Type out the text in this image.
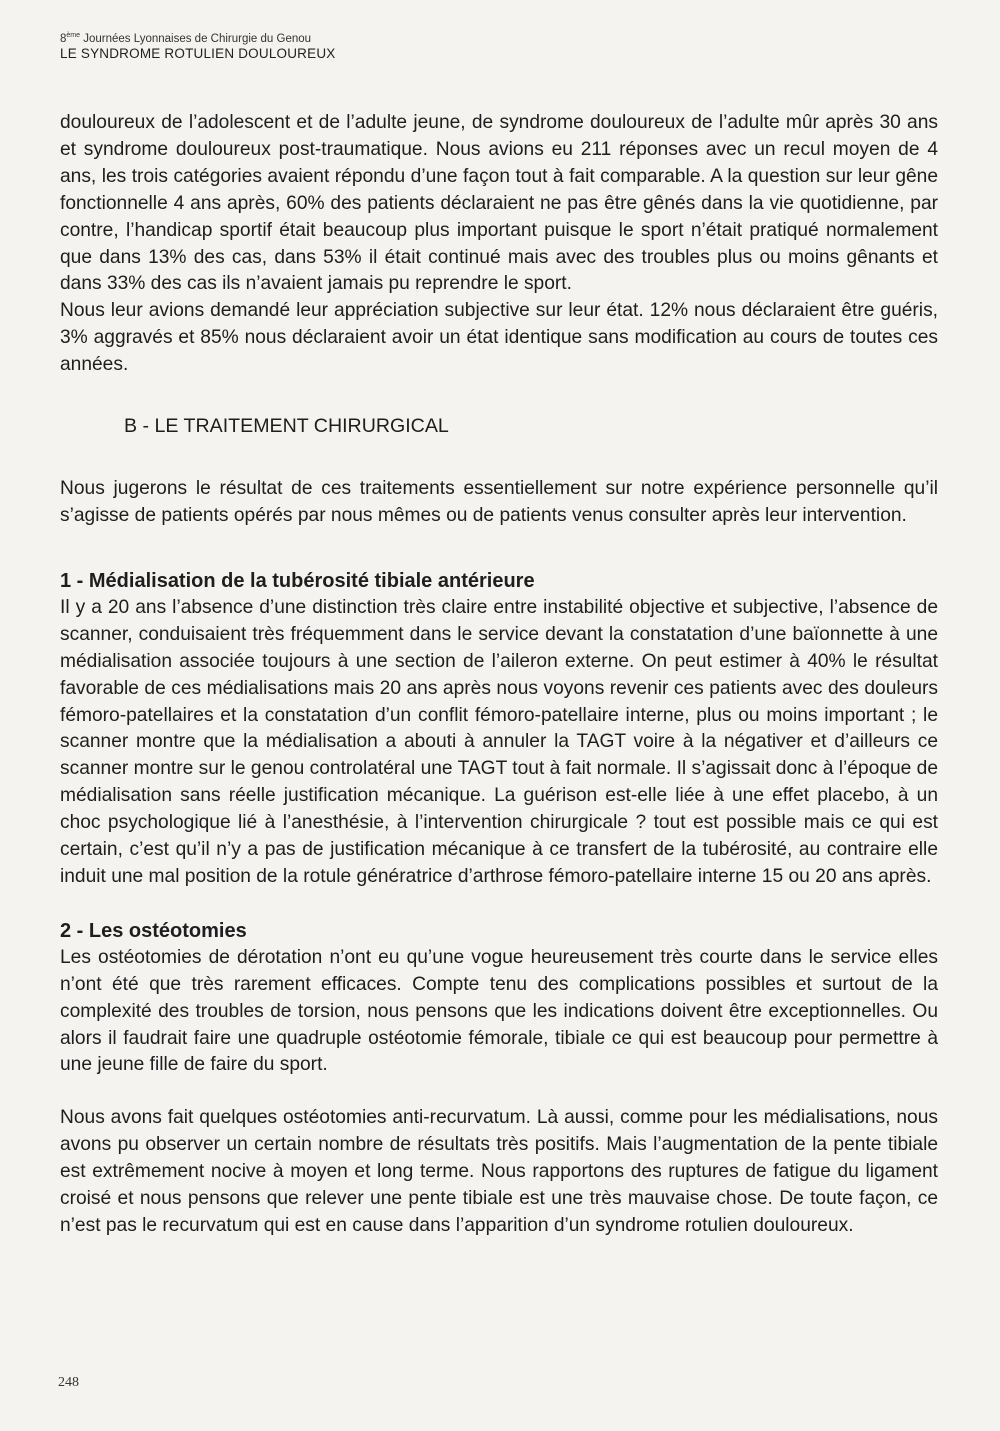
8ème Journées Lyonnaises de Chirurgie du Genou
LE SYNDROME ROTULIEN DOULOUREUX

douloureux de l’adolescent et de l’adulte jeune, de syndrome douloureux de l’adulte mûr après 30 ans et syndrome douloureux post-traumatique. Nous avions eu 211 réponses avec un recul moyen de 4 ans, les trois catégories avaient répondu d’une façon tout à fait comparable. A la question sur leur gêne fonctionnelle 4 ans après, 60% des patients déclaraient ne pas être gênés dans la vie quotidienne, par contre, l’handicap sportif était beaucoup plus important puisque le sport n’était pratiqué normalement que dans 13% des cas, dans 53% il était continué mais avec des troubles plus ou moins gênants et dans 33% des cas ils n’avaient jamais pu reprendre le sport.

Nous leur avions demandé leur appréciation subjective sur leur état. 12% nous déclaraient être guéris, 3% aggravés et 85% nous déclaraient avoir un état identique sans modification au cours de toutes ces années.

B - LE TRAITEMENT CHIRURGICAL

Nous jugerons le résultat de ces traitements essentiellement sur notre expérience personnelle qu’il s’agisse de patients opérés par nous mêmes ou de patients venus consulter après leur intervention.

1 - Médialisation de la tubérosité tibiale antérieure

Il y a 20 ans l’absence d’une distinction très claire entre instabilité objective et subjective, l’absence de scanner, conduisaient très fréquemment dans le service devant la constatation d’une baïonnette à une médialisation associée toujours à une section de l’aileron externe. On peut estimer à 40% le résultat favorable de ces médialisations mais 20 ans après nous voyons revenir ces patients avec des douleurs fémoro-patellaires et la constatation d’un conflit fémoro-patellaire interne, plus ou moins important ; le scanner montre que la médialisation a abouti à annuler la TAGT voire à la négativer et d’ailleurs ce scanner montre sur le genou controlatéral une TAGT tout à fait normale. Il s’agissait donc à l’époque de médialisation sans réelle justification mécanique. La guérison est-elle liée à une effet placebo, à un choc psychologique lié à l’anesthésie, à l’intervention chirurgicale ? tout est possible mais ce qui est certain, c’est qu’il n’y a pas de justification mécanique à ce transfert de la tubérosité, au contraire elle induit une mal position de la rotule génératrice d’arthrose fémoro-patellaire interne 15 ou 20 ans après.

2 - Les ostéotomies

Les ostéotomies de dérotation n’ont eu qu’une vogue heureusement très courte dans le service elles n’ont été que très rarement efficaces. Compte tenu des complications possibles et surtout de la complexité des troubles de torsion, nous pensons que les indications doivent être exceptionnelles. Ou alors il faudrait faire une quadruple ostéotomie fémorale, tibiale ce qui est beaucoup pour permettre à une jeune fille de faire du sport.

Nous avons fait quelques ostéotomies anti-recurvatum. Là aussi, comme pour les médialisations, nous avons pu observer un certain nombre de résultats très positifs. Mais l’augmentation de la pente tibiale est extrêmement nocive à moyen et long terme. Nous rapportons des ruptures de fatigue du ligament croisé et nous pensons que relever une pente tibiale est une très mauvaise chose. De toute façon, ce n’est pas le recurvatum qui est en cause dans l’apparition d’un syndrome rotulien douloureux.

248
